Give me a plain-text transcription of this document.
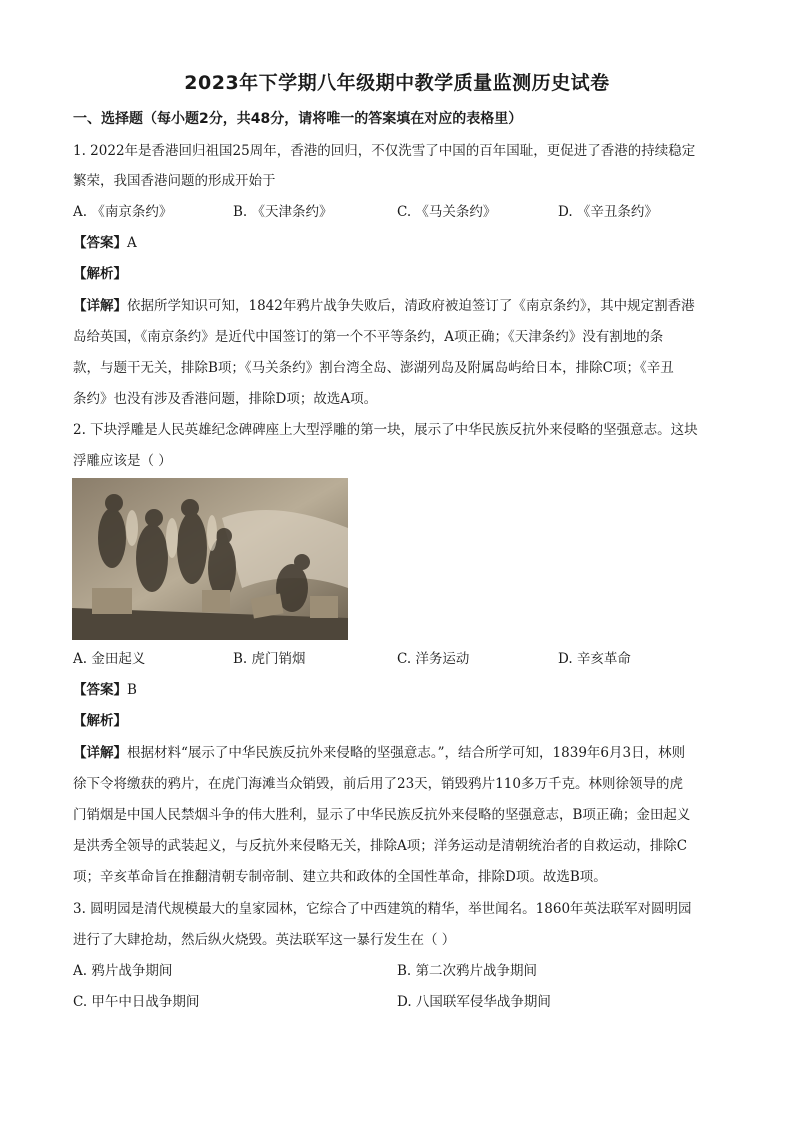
2023年下学期八年级期中教学质量监测历史试卷
一、选择题（每小题2分，共48分，请将唯一的答案填在对应的表格里）
1. 2022年是香港回归祖国25周年，香港的回归，不仅洗雪了中国的百年国耻，更促进了香港的持续稳定
繁荣，我国香港问题的形成开始于
A. 《南京条约》	B. 《天津条约》	C. 《马关条约》	D. 《辛丑条约》
【答案】A
【解析】
【详解】依据所学知识可知，1842年鸦片战争失败后，清政府被迫签订了《南京条约》，其中规定割香港
岛给英国，《南京条约》是近代中国签订的第一个不平等条约，A项正确；《天津条约》没有割地的条
款，与题干无关，排除B项；《马关条约》割台湾全岛、澎湖列岛及附属岛屿给日本，排除C项；《辛丑
条约》也没有涉及香港问题，排除D项；故选A项。
2. 下块浮雕是人民英雄纪念碑碑座上大型浮雕的第一块，展示了中华民族反抗外来侵略的坚强意志。这块
浮雕应该是（ ）
A. 金田起义	B. 虎门销烟	C. 洋务运动	D. 辛亥革命
【答案】B
【解析】
【详解】根据材料“展示了中华民族反抗外来侵略的坚强意志。”，结合所学可知，1839年6月3日，林则
徐下令将缴获的鸦片，在虎门海滩当众销毁，前后用了23天，销毁鸦片110多万千克。林则徐领导的虎
门销烟是中国人民禁烟斗争的伟大胜利，显示了中华民族反抗外来侵略的坚强意志，B项正确；金田起义
是洪秀全领导的武装起义，与反抗外来侵略无关，排除A项；洋务运动是清朝统治者的自救运动，排除C
项；辛亥革命旨在推翻清朝专制帝制、建立共和政体的全国性革命，排除D项。故选B项。
3. 圆明园是清代规模最大的皇家园林，它综合了中西建筑的精华，举世闻名。1860年英法联军对圆明园
进行了大肆抢劫，然后纵火烧毁。英法联军这一暴行发生在（ ）
A. 鸦片战争期间	B. 第二次鸦片战争期间
C. 甲午中日战争期间	D. 八国联军侵华战争期间
